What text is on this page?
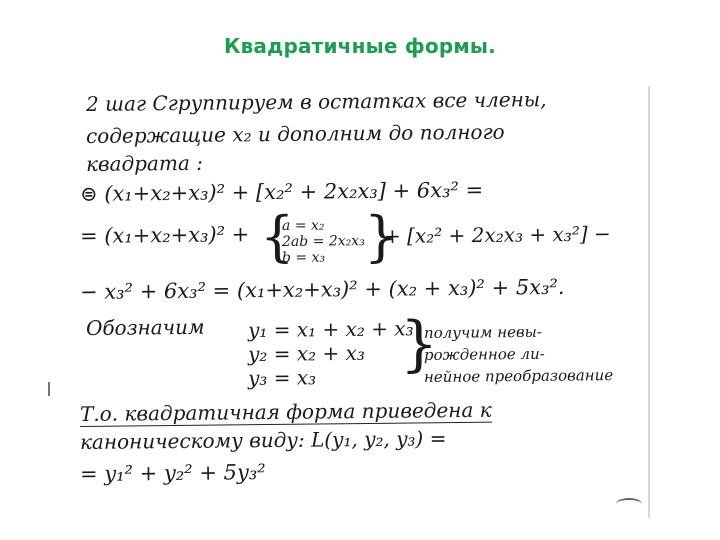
Квадратичные формы.
2 шаг Сгруппируем в остатках все члены,
содержащие x₂ и дополним до полного
квадрата :
⊜ (x₁+x₂+x₃)² + [x₂² + 2x₂x₃] + 6x₃² =
= (x₁+x₂+x₃)² + {
a = x₂
2ab = 2x₂x₃
b = x₃ }
+ [x₂² + 2x₂x₃ + x₃²] −
− x₃² + 6x₃² = (x₁+x₂+x₃)² + (x₂ + x₃)² + 5x₃².
Обозначим y₁ = x₁ + x₂ + x₃
y₂ = x₂ + x₃
y₃ = x₃ }
получим невы-
рожденное ли-
нейное преобразование
Т.о. квадратичная форма приведена к
каноническому виду: L(y₁, y₂, y₃) =
= y₁² + y₂² + 5y₃²
